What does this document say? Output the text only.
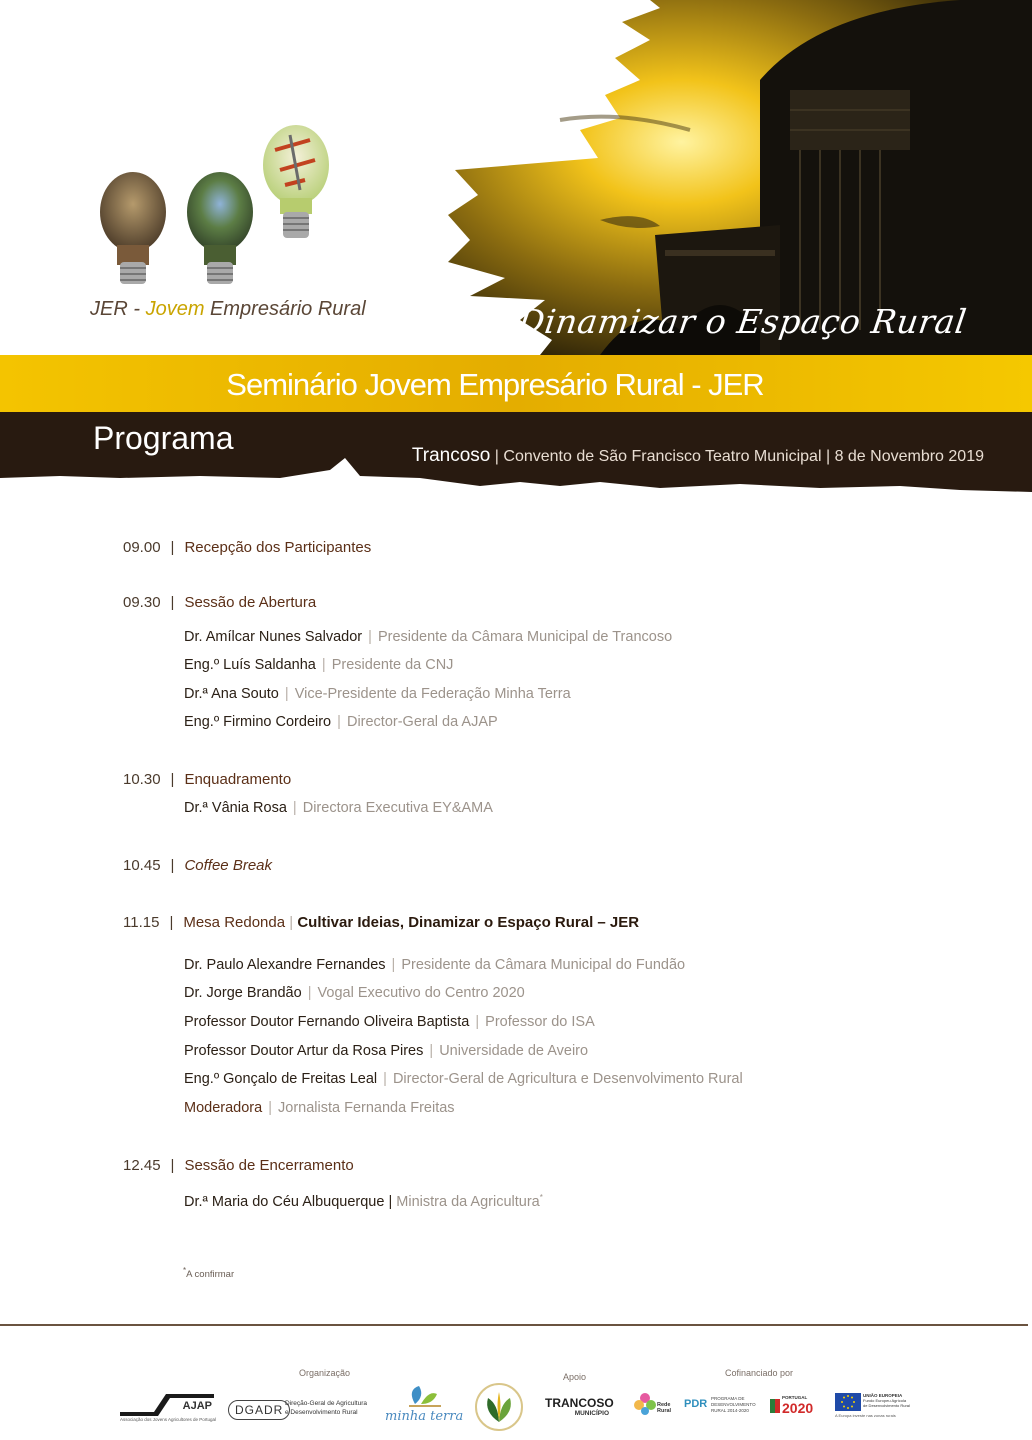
JER - Jovem Empresário Rural	Dinamizar o Espaço Rural
Seminário Jovem Empresário Rural - JER
Programa	Trancoso | Convento de São Francisco Teatro Municipal | 8 de Novembro 2019
09.00 | Recepção dos Participantes
09.30 | Sessão de Abertura
Dr. Amílcar Nunes Salvador | Presidente da Câmara Municipal de Trancoso
Eng.º Luís Saldanha | Presidente da CNJ
Dr.ª Ana Souto | Vice-Presidente da Federação Minha Terra
Eng.º Firmino Cordeiro | Director-Geral da AJAP
10.30 | Enquadramento
Dr.ª Vânia Rosa | Directora Executiva EY&AMA
10.45 | Coffee Break
11.15 | Mesa Redonda | Cultivar Ideias, Dinamizar o Espaço Rural – JER
Dr. Paulo Alexandre Fernandes | Presidente da Câmara Municipal do Fundão
Dr. Jorge Brandão | Vogal Executivo do Centro 2020
Professor Doutor Fernando Oliveira Baptista | Professor do ISA
Professor Doutor Artur da Rosa Pires | Universidade de Aveiro
Eng.º Gonçalo de Freitas Leal | Director-Geral de Agricultura e Desenvolvimento Rural
Moderadora | Jornalista Fernanda Freitas
12.45 | Sessão de Encerramento
Dr.ª Maria do Céu Albuquerque | Ministra da Agricultura*
*A confirmar
Organização	Apoio	Cofinanciado por
AJAP
Associação dos Jovens Agricultores de Portugal
DGADR Direção-Geral de Agricultura
e Desenvolvimento Rural minha terra
TRANCOSO
MUNICÍPIO
Rede Rural
PDR PROGRAMA DE
DESENVOLVIMENTO
RURAL 2014-2020
PORTUGAL
2020
UNIÃO EUROPEIA
Fundo Europeu Agrícola
de Desenvolvimento Rural
A Europa investe nas zonas rurais
